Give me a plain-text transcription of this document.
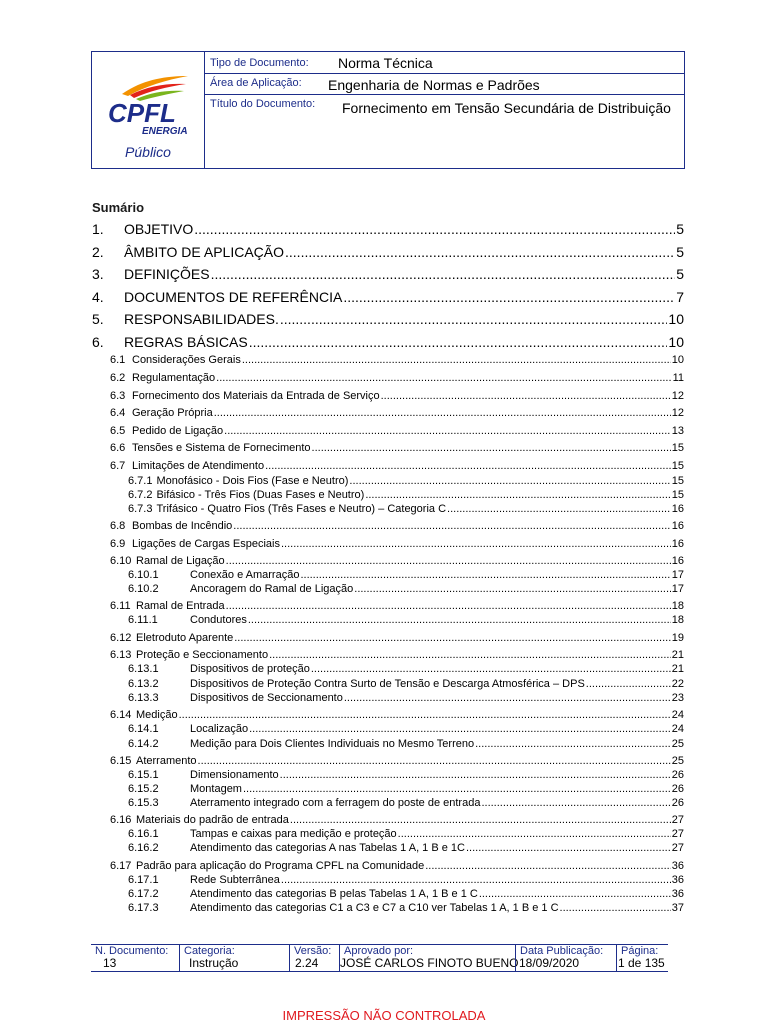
CPFL
ENERGIA
Público
Tipo de Documento: Norma Técnica
Área de Aplicação: Engenharia de Normas e Padrões
Título do Documento: Fornecimento em Tensão Secundária de Distribuição
Sumário
1.	OBJETIVO .....	5
2.	ÂMBITO DE APLICAÇÃO .....	5
3.	DEFINIÇÕES .....	5
4.	DOCUMENTOS DE REFERÊNCIA .....	7
5.	RESPONSABILIDADES. .....	10
6.	REGRAS BÁSICAS .....	10
6.1 Considerações Gerais .....	10
6.2 Regulamentação .....	11
6.3 Fornecimento dos Materiais da Entrada de Serviço .....	12
6.4 Geração Própria .....	12
6.5 Pedido de Ligação .....	13
6.6 Tensões e Sistema de Fornecimento .....	15
6.7 Limitações de Atendimento .....	15
6.7.1 Monofásico - Dois Fios (Fase e Neutro) .....	15
6.7.2 Bifásico - Três Fios (Duas Fases e Neutro) .....	15
6.7.3 Trifásico - Quatro Fios (Três Fases e Neutro) – Categoria C .....	16
6.8 Bombas de Incêndio .....	16
6.9 Ligações de Cargas Especiais .....	16
6.10 Ramal de Ligação .....	16
6.10.1	Conexão e Amarração .....	17
6.10.2	Ancoragem do Ramal de Ligação .....	17
6.11 Ramal de Entrada .....	18
6.11.1	Condutores .....	18
6.12 Eletroduto Aparente .....	19
6.13 Proteção e Seccionamento .....	21
6.13.1	Dispositivos de proteção .....	21
6.13.2	Dispositivos de Proteção Contra Surto de Tensão e Descarga Atmosférica – DPS .....	22
6.13.3	Dispositivos de Seccionamento .....	23
6.14 Medição .....	24
6.14.1	Localização .....	24
6.14.2	Medição para Dois Clientes Individuais no Mesmo Terreno .....	25
6.15 Aterramento .....	25
6.15.1	Dimensionamento .....	26
6.15.2	Montagem .....	26
6.15.3	Aterramento integrado com a ferragem do poste de entrada .....	26
6.16 Materiais do padrão de entrada .....	27
6.16.1	Tampas e caixas para medição e proteção .....	27
6.16.2	Atendimento das categorias A nas Tabelas 1 A, 1 B e 1C .....	27
6.17 Padrão para aplicação do Programa CPFL na Comunidade .....	36
6.17.1	Rede Subterrânea .....	36
6.17.2	Atendimento das categorias B pelas Tabelas 1 A, 1 B e 1 C .....	36
6.17.3	Atendimento das categorias C1 a C3 e C7 a C10 ver Tabelas 1 A, 1 B e 1 C .....	37
N. Documento:
13
Categoria:
Instrução
Versão:
2.24
Aprovado por:
JOSÉ CARLOS FINOTO BUENO
Data Publicação:
18/09/2020
Página:
1 de 135
IMPRESSÃO NÃO CONTROLADA
